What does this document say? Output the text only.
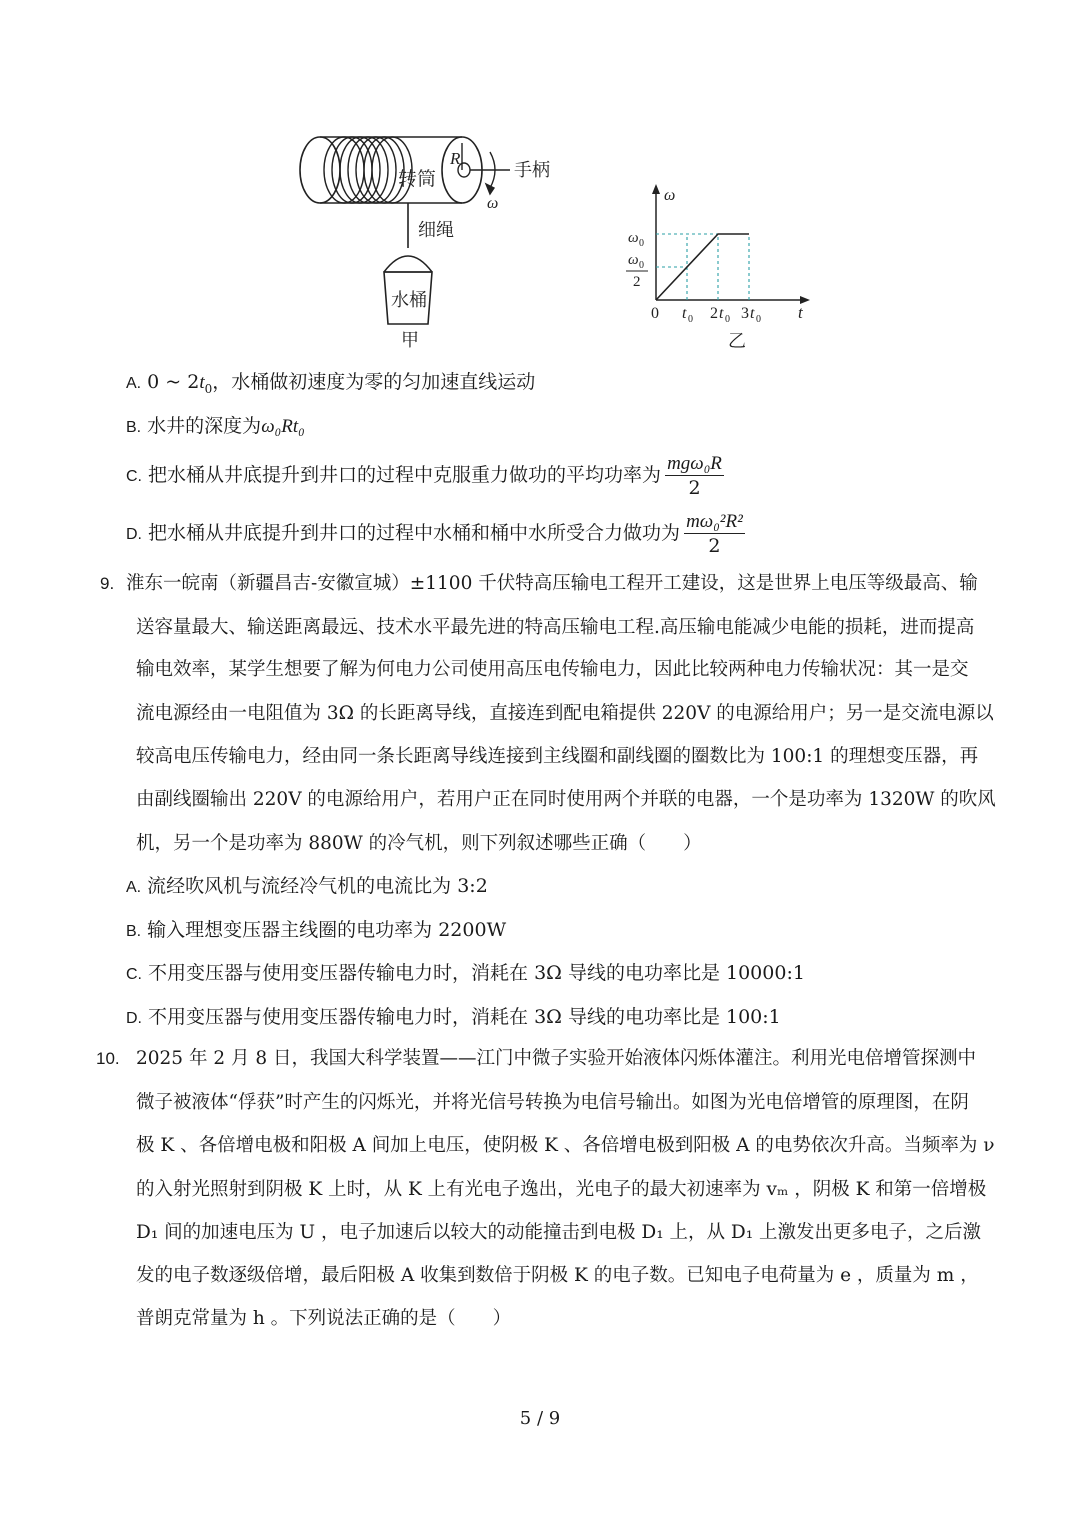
R
转筒
ω
手柄
细绳
水桶
甲
ω
t
0
ω 0
ω 0
2
t 0 2 t 0 3 t 0
乙
A. 0 ~ $2t_0$，水桶做初速度为零的匀加速直线运动
B. 水井的深度为ω₀Rt₀
C. 把水桶从井底提升到井口的过程中克服重力做功的平均功率为 $\frac{\text{mgω₀R}}{2}$
D. 把水桶从井底提升到井口的过程中水桶和桶中水所受合力做功为 $\frac{\text{mω₀²R²}}{2}$
9. 淮东一皖南（新疆昌吉-安徽宣城）±1100 千伏特高压输电工程开工建设，这是世界上电压等级最高、输
送容量最大、输送距离最远、技术水平最先进的特高压输电工程.高压输电能减少电能的损耗，进而提高
输电效率，某学生想要了解为何电力公司使用高压电传输电力，因此比较两种电力传输状况：其一是交
流电源经由一电阻值为 3Ω 的长距离导线，直接连到配电箱提供 220V 的电源给用户；另一是交流电源以
较高电压传输电力，经由同一条长距离导线连接到主线圈和副线圈的圈数比为 100:1 的理想变压器，再
由副线圈输出 220V 的电源给用户，若用户正在同时使用两个并联的电器，一个是功率为 1320W 的吹风
机，另一个是功率为 880W 的冷气机，则下列叙述哪些正确（　　）
A. 流经吹风机与流经冷气机的电流比为 3:2
B. 输入理想变压器主线圈的电功率为 2200W
C. 不用变压器与使用变压器传输电力时，消耗在 3Ω 导线的电功率比是 10000:1
D. 不用变压器与使用变压器传输电力时，消耗在 3Ω 导线的电功率比是 100:1
10. 2025 年 2 月 8 日，我国大科学装置——江门中微子实验开始液体闪烁体灌注。利用光电倍增管探测中
微子被液体“俘获”时产生的闪烁光，并将光信号转换为电信号输出。如图为光电倍增管的原理图，在阴
极 K 、各倍增电极和阳极 A 间加上电压，使阴极 K 、各倍增电极到阳极 A 的电势依次升高。当频率为 ν
的入射光照射到阴极 K 上时，从 K 上有光电子逸出，光电子的最大初速率为 vₘ ，阴极 K 和第一倍增极
D₁ 间的加速电压为 U ，电子加速后以较大的动能撞击到电极 D₁ 上，从 D₁ 上激发出更多电子，之后激
发的电子数逐级倍增，最后阳极 A 收集到数倍于阴极 K 的电子数。已知电子电荷量为 e ，质量为 m ，
普朗克常量为 h 。下列说法正确的是（　　）
5 / 9
